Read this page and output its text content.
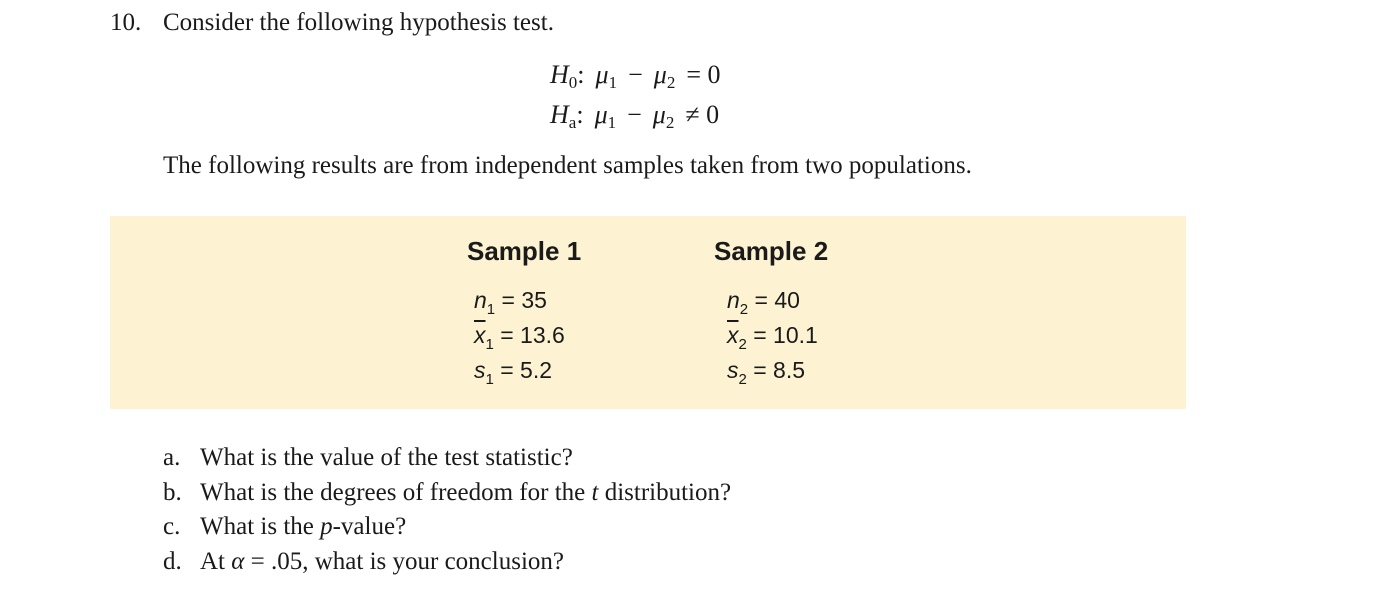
10. Consider the following hypothesis test.
$H_0$: $\mu_1 - \mu_2 = 0$
$H_a$: $\mu_1 - \mu_2 \ne 0$
The following results are from independent samples taken from two populations.
Sample 1	Sample 2
$n_1 = 35$
$\overline{x}_1 = 13.6$
$s_1 = 5.2$
$n_2 = 40$
$\overline{x}_2 = 10.1$
$s_2 = 8.5$
a. What is the value of the test statistic?
b. What is the degrees of freedom for the t distribution?
c. What is the p-value?
d. At α = .05, what is your conclusion?
